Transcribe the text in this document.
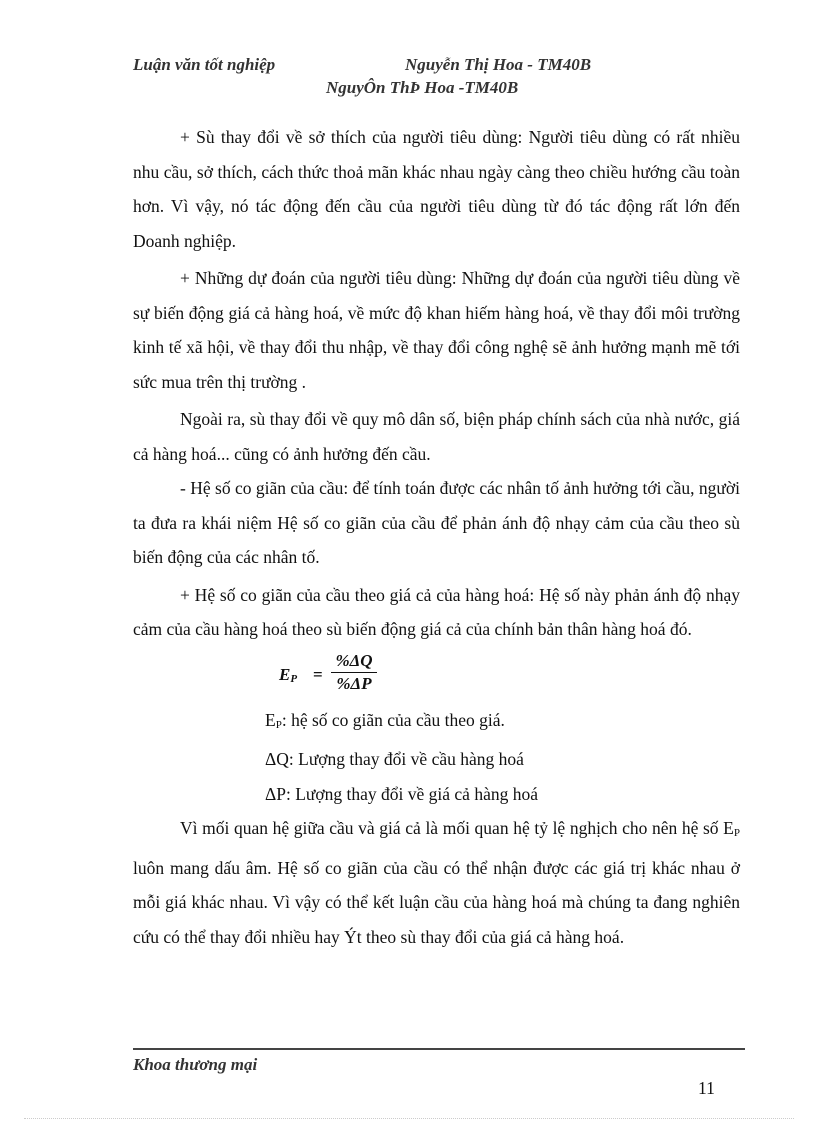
Luận văn tốt nghiệp	Nguyễn Thị Hoa - TM40B
NguyÔn ThÞ Hoa -TM40B

+ Sù thay đổi về sở thích của người tiêu dùng: Người tiêu dùng có rất nhiều nhu cầu, sở thích, cách thức thoả mãn khác nhau ngày càng theo chiều hướng cầu toàn hơn. Vì vậy, nó tác động đến cầu của người tiêu dùng từ đó tác động rất lớn đến Doanh nghiệp.

+ Những dự đoán của người tiêu dùng: Những dự đoán của người tiêu dùng về sự biến động giá cả hàng hoá, về mức độ khan hiếm hàng hoá, về thay đổi môi trường kinh tế xã hội, về thay đổi thu nhập, về thay đổi công nghệ sẽ ảnh hưởng mạnh mẽ tới sức mua trên thị trường .

Ngoài ra, sù thay đổi về quy mô dân số, biện pháp chính sách của nhà nước, giá cả hàng hoá... cũng có ảnh hưởng đến cầu.

- Hệ số co giãn của cầu: để tính toán được các nhân tố ảnh hưởng tới cầu, người ta đưa ra khái niệm Hệ số co giãn của cầu để phản ánh độ nhạy cảm của cầu theo sù biến động của các nhân tố.

+ Hệ số co giãn của cầu theo giá cả của hàng hoá: Hệ số này phản ánh độ nhạy cảm của cầu hàng hoá theo sù biến động giá cả của chính bản thân hàng hoá đó.

EP = $\frac{\%\Delta Q}{\%\Delta P}$

EP: hệ số co giãn của cầu theo giá.

ΔQ: Lượng thay đổi về cầu hàng hoá

ΔP: Lượng thay đổi về giá cả hàng hoá

Vì mối quan hệ giữa cầu và giá cả là mối quan hệ tỷ lệ nghịch cho nên hệ số EP luôn mang dấu âm. Hệ số co giãn của cầu có thể nhận được các giá trị khác nhau ở mỗi giá khác nhau. Vì vậy có thể kết luận cầu của hàng hoá mà chúng ta đang nghiên cứu có thể thay đổi nhiều hay Ýt theo sù thay đổi của giá cả hàng hoá.

Khoa thương mại
11
